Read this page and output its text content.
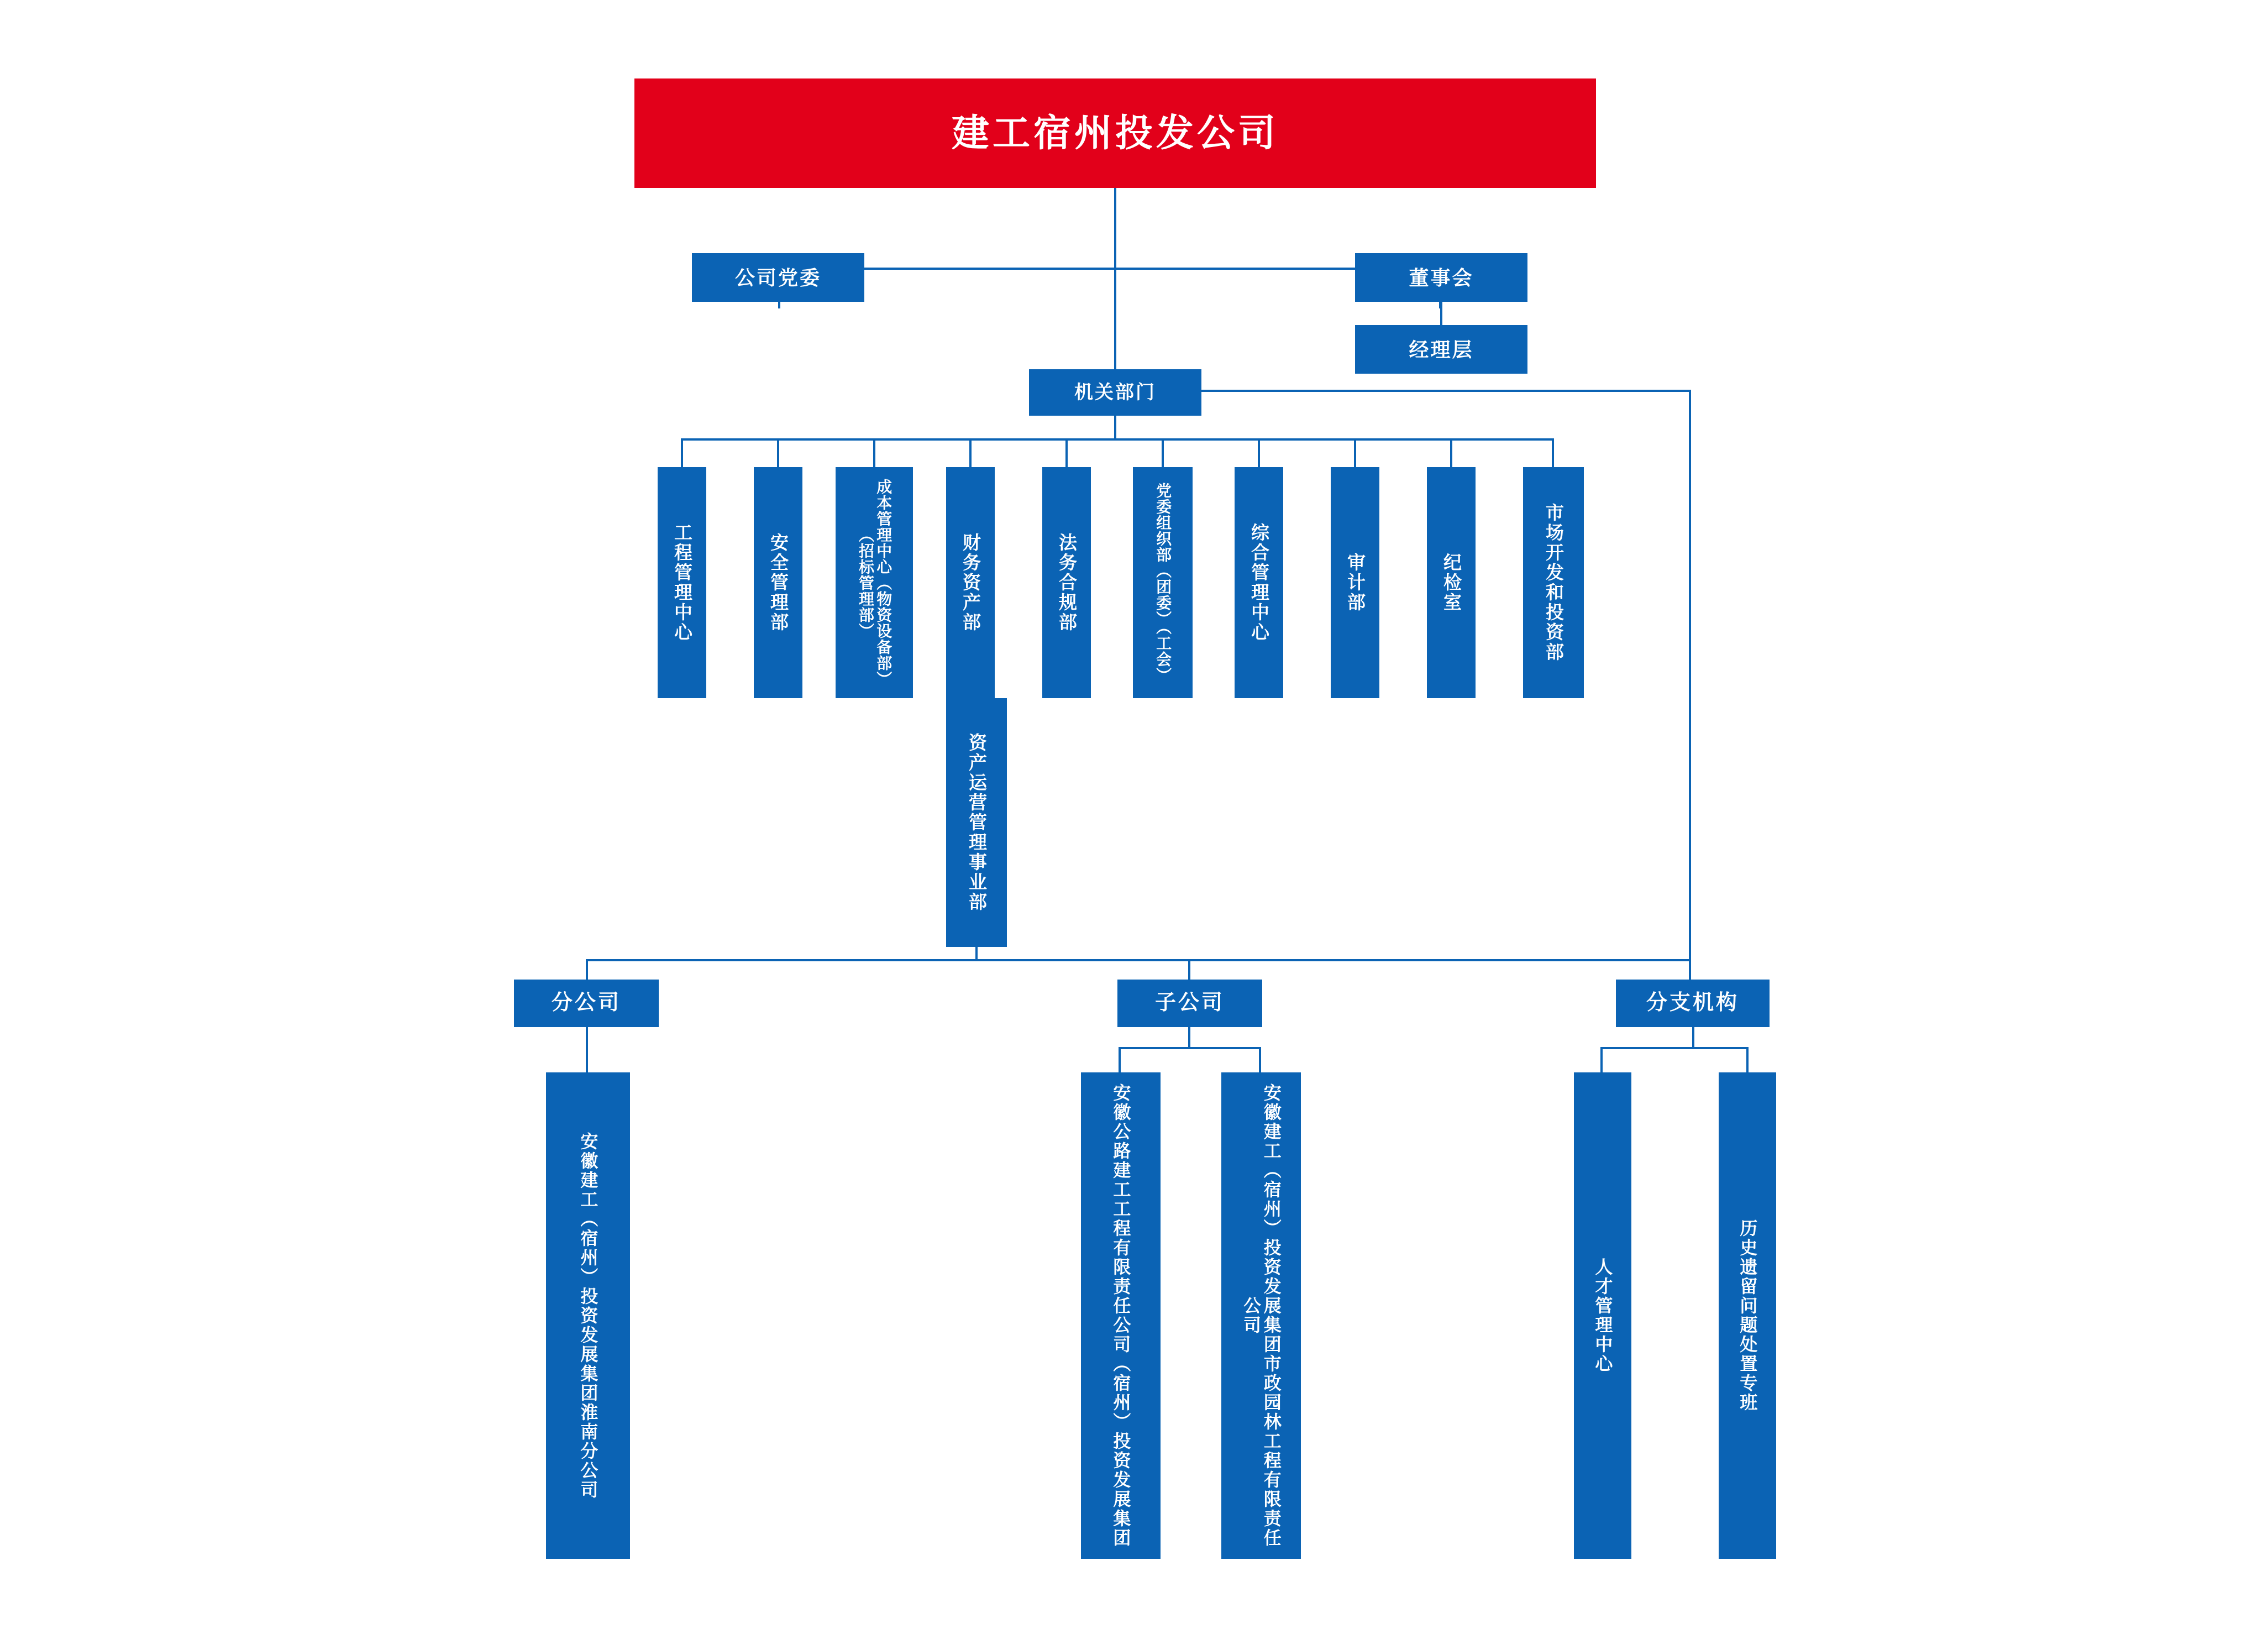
建工宿州投发公司
公司党委	董事会
经理层
机关部门
工程管理中心	安全管理部	成本管理中心（物资设备部）（招标管理部）	财务资产部	法务合规部	党委组织部（团委）（工会）	综合管理中心	审计部	纪检室	市场开发和投资部
资产运营管理事业部
分公司	子公司	分支机构
安徽建工（宿州）投资发展集团淮南分公司	安徽公路建工工程有限责任公司（宿州）投资发展集团	安徽建工（宿州）投资发展集团市政园林工程有限责任公司	人才管理中心	历史遗留问题处置专班
